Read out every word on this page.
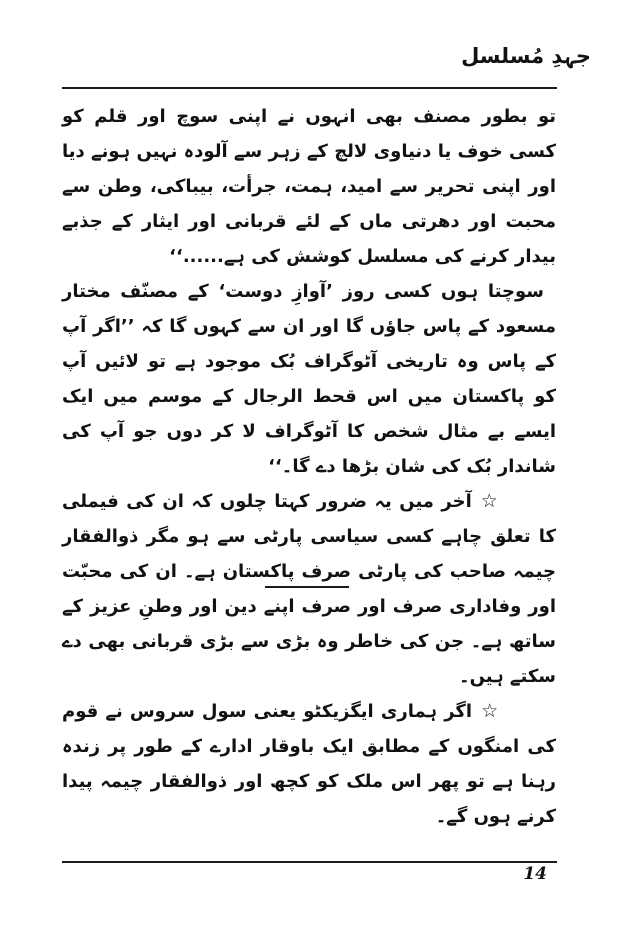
جہدِ مُسلسل

تو بطور مصنف بھی انہوں نے اپنی سوچ اور قلم کو کسی خوف یا دنیاوی لالچ کے زہر سے آلودہ نہیں ہونے دیا اور اپنی تحریر سے امید، ہمت، جرأت، بیباکی، وطن سے محبت اور دھرتی ماں کے لئے قربانی اور ایثار کے جذبے بیدار کرنے کی مسلسل کوشش کی ہے......‘‘

سوچتا ہوں کسی روز ’آوازِ دوست‘ کے مصنّف مختار مسعود کے پاس جاؤں گا اور ان سے کہوں گا کہ ’’اگر آپ کے پاس وہ تاریخی آٹوگراف بُک موجود ہے تو لائیں آپ کو پاکستان میں اس قحط الرجال کے موسم میں ایک ایسے بے مثال شخص کا آٹوگراف لا کر دوں جو آپ کی شاندار بُک کی شان بڑھا دے گا۔‘‘

☆آخر میں یہ ضرور کہتا چلوں کہ ان کی فیملی کا تعلق چاہے کسی سیاسی پارٹی سے ہو مگر ذوالفقار چیمہ صاحب کی پارٹی صرف پاکستان ہے۔ ان کی محبّت اور وفاداری صرف اور صرف اپنے دین اور وطنِ عزیز کے ساتھ ہے۔ جن کی خاطر وہ بڑی سے بڑی قربانی بھی دے سکتے ہیں۔

☆اگر ہماری ایگزیکٹو یعنی سول سروس نے قوم کی امنگوں کے مطابق ایک باوقار ادارے کے طور پر زندہ رہنا ہے تو پھر اس ملک کو کچھ اور ذوالفقار چیمہ پیدا کرنے ہوں گے۔

14
